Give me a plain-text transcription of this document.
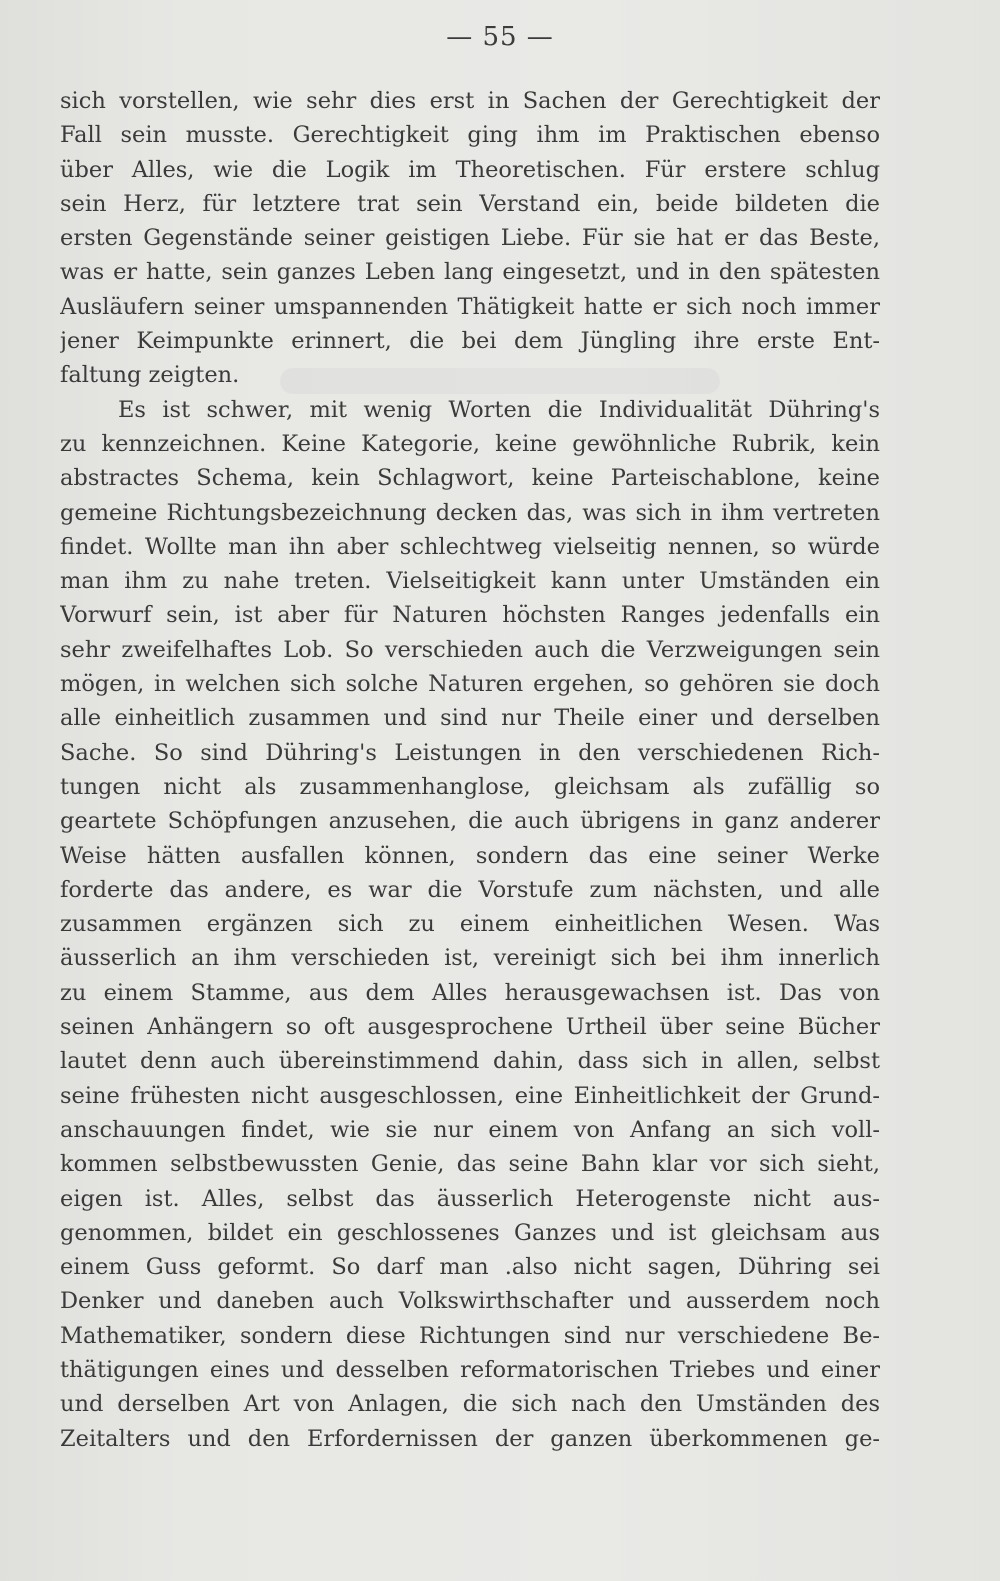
— 55 —
sich vorstellen, wie sehr dies erst in Sachen der Gerechtigkeit der
Fall sein musste. Gerechtigkeit ging ihm im Praktischen ebenso
über Alles, wie die Logik im Theoretischen. Für erstere schlug
sein Herz, für letztere trat sein Verstand ein, beide bildeten die
ersten Gegenstände seiner geistigen Liebe. Für sie hat er das Beste,
was er hatte, sein ganzes Leben lang eingesetzt, und in den spätesten
Ausläufern seiner umspannenden Thätigkeit hatte er sich noch immer
jener Keimpunkte erinnert, die bei dem Jüngling ihre erste Ent-
faltung zeigten.
Es ist schwer, mit wenig Worten die Individualität Dühring's
zu kennzeichnen. Keine Kategorie, keine gewöhnliche Rubrik, kein
abstractes Schema, kein Schlagwort, keine Parteischablone, keine
gemeine Richtungsbezeichnung decken das, was sich in ihm vertreten
findet. Wollte man ihn aber schlechtweg vielseitig nennen, so würde
man ihm zu nahe treten. Vielseitigkeit kann unter Umständen ein
Vorwurf sein, ist aber für Naturen höchsten Ranges jedenfalls ein
sehr zweifelhaftes Lob. So verschieden auch die Verzweigungen sein
mögen, in welchen sich solche Naturen ergehen, so gehören sie doch
alle einheitlich zusammen und sind nur Theile einer und derselben
Sache. So sind Dühring's Leistungen in den verschiedenen Rich-
tungen nicht als zusammenhanglose, gleichsam als zufällig so
geartete Schöpfungen anzusehen, die auch übrigens in ganz anderer
Weise hätten ausfallen können, sondern das eine seiner Werke
forderte das andere, es war die Vorstufe zum nächsten, und alle
zusammen ergänzen sich zu einem einheitlichen Wesen. Was
äusserlich an ihm verschieden ist, vereinigt sich bei ihm innerlich
zu einem Stamme, aus dem Alles herausgewachsen ist. Das von
seinen Anhängern so oft ausgesprochene Urtheil über seine Bücher
lautet denn auch übereinstimmend dahin, dass sich in allen, selbst
seine frühesten nicht ausgeschlossen, eine Einheitlichkeit der Grund-
anschauungen findet, wie sie nur einem von Anfang an sich voll-
kommen selbstbewussten Genie, das seine Bahn klar vor sich sieht,
eigen ist. Alles, selbst das äusserlich Heterogenste nicht aus-
genommen, bildet ein geschlossenes Ganzes und ist gleichsam aus
einem Guss geformt. So darf man .also nicht sagen, Dühring sei
Denker und daneben auch Volkswirthschafter und ausserdem noch
Mathematiker, sondern diese Richtungen sind nur verschiedene Be-
thätigungen eines und desselben reformatorischen Triebes und einer
und derselben Art von Anlagen, die sich nach den Umständen des
Zeitalters und den Erfordernissen der ganzen überkommenen ge-
